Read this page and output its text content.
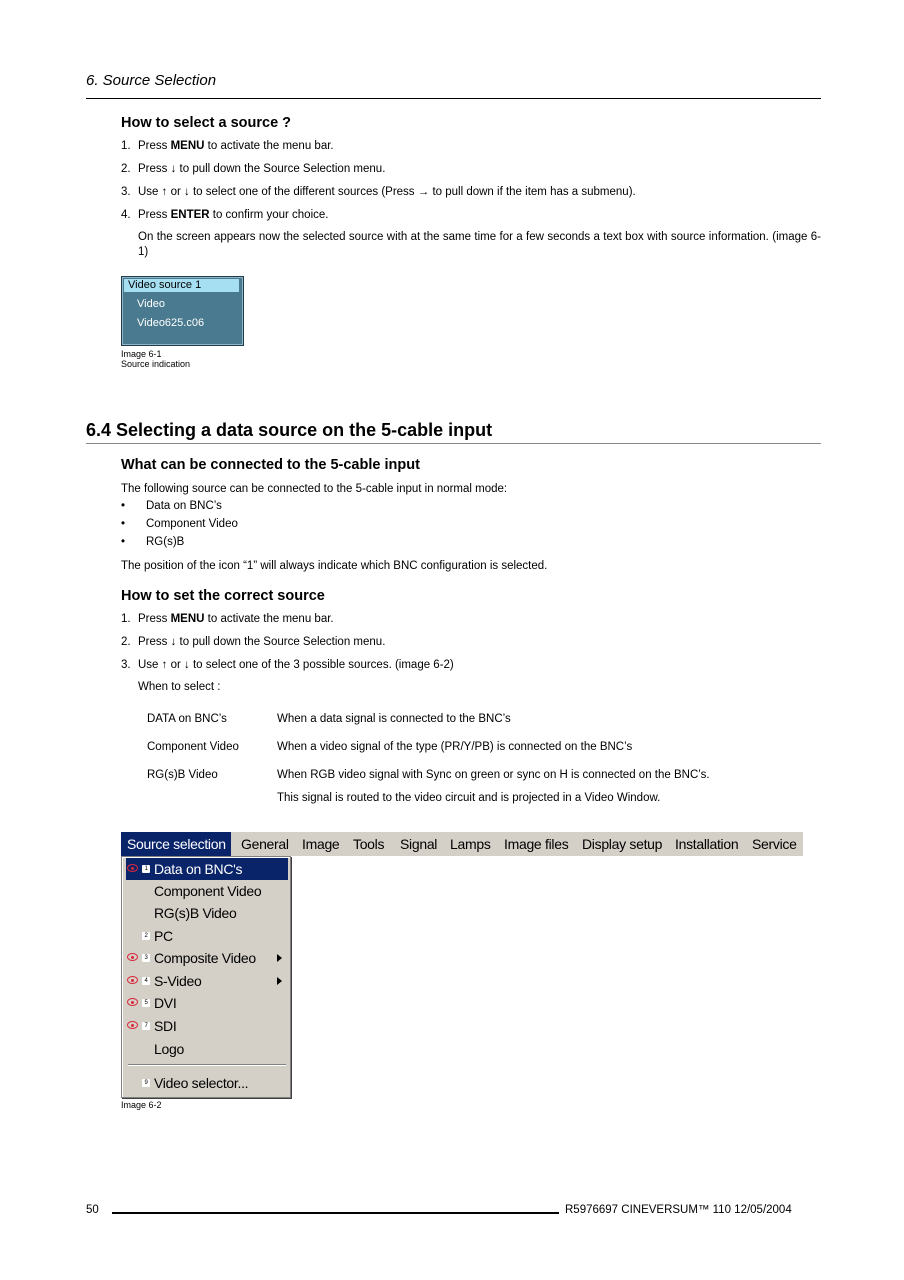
6. Source Selection
How to select a source ?
1. Press MENU to activate the menu bar.
2. Press ↓ to pull down the Source Selection menu.
3. Use ↑ or ↓ to select one of the different sources (Press → to pull down if the item has a submenu).
4. Press ENTER to confirm your choice.
On the screen appears now the selected source with at the same time for a few seconds a text box with source information. (image 6-1)
Video source 1
Video
Video625.c06
Image 6-1
Source indication
6.4 Selecting a data source on the 5-cable input
What can be connected to the 5-cable input
The following source can be connected to the 5-cable input in normal mode:
• Data on BNC’s
• Component Video
• RG(s)B
The position of the icon “1” will always indicate which BNC configuration is selected.
How to set the correct source
1. Press MENU to activate the menu bar.
2. Press ↓ to pull down the Source Selection menu.
3. Use ↑ or ↓ to select one of the 3 possible sources. (image 6-2)
When to select :
DATA on BNC’s	When a data signal is connected to the BNC’s
Component Video	When a video signal of the type (PR/Y/PB) is connected on the BNC’s
RG(s)B Video	When RGB video signal with Sync on green or sync on H is connected on the BNC’s.
This signal is routed to the video circuit and is projected in a Video Window.
Source selection	General Image Tools	Signal Lamps Image files Display setup Installation Service
1 Data on BNC's
Component Video
RG(s)B Video
2 PC
3 Composite Video
4 S-Video
5 DVI
7 SDI
Logo
9 Video selector...
Image 6-2
50	R5976697 CINEVERSUM™ 110 12/05/2004
